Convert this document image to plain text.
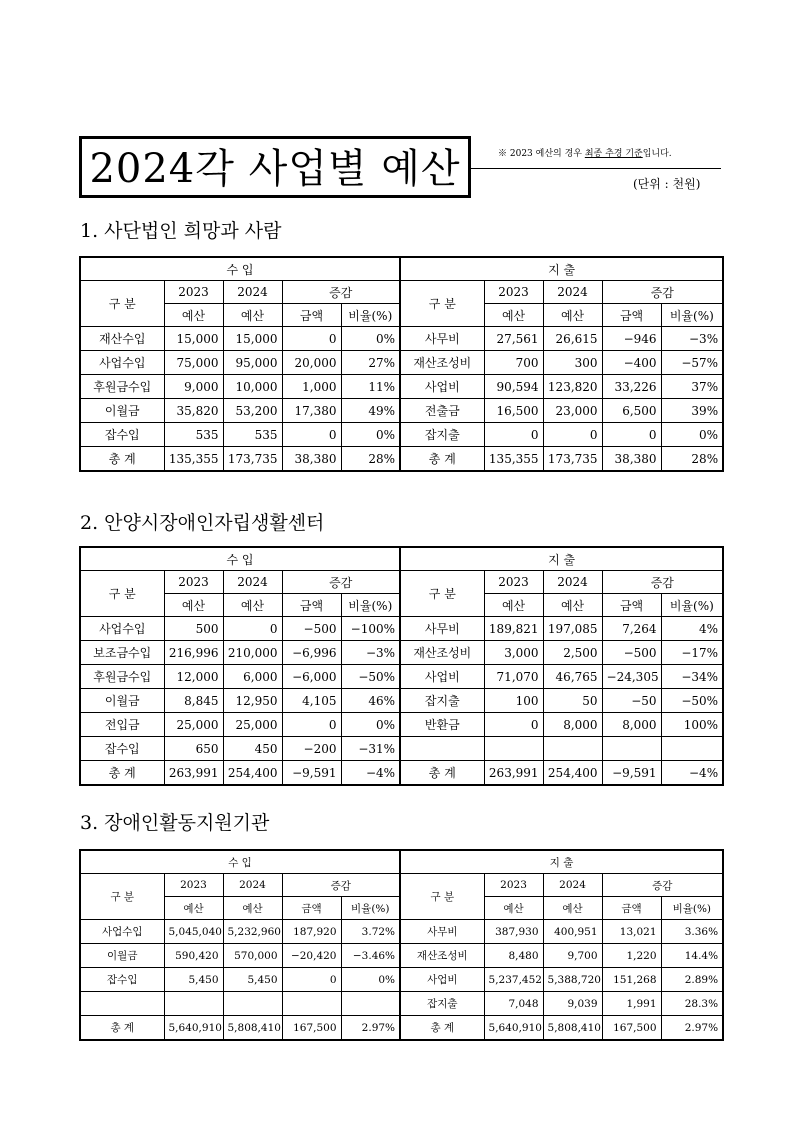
2024각 사업별 예산	※ 2023 예산의 경우 최종 추경 기준입니다.
(단위 : 천원)
1. 사단법인 희망과 사람
수 입					지 출				
구 분	2023	2024	증감		구 분	2023	2024	증감	
	예산	예산	금액	비율(%)		예산	예산	금액	비율(%)
재산수입	15,000	15,000	0	0%	사무비	27,561	26,615	−946	−3%
사업수입	75,000	95,000	20,000	27%	재산조성비	700	300	−400	−57%
후원금수입	9,000	10,000	1,000	11%	사업비	90,594	123,820	33,226	37%
이월금	35,820	53,200	17,380	49%	전출금	16,500	23,000	6,500	39%
잡수입	535	535	0	0%	잡지출	0	0	0	0%
총 계	135,355	173,735	38,380	28%	총 계	135,355	173,735	38,380	28%
2. 안양시장애인자립생활센터
수 입					지 출				
구 분	2023	2024	증감		구 분	2023	2024	증감	
	예산	예산	금액	비율(%)		예산	예산	금액	비율(%)
사업수입	500	0	−500	−100%	사무비	189,821	197,085	7,264	4%
보조금수입	216,996	210,000	−6,996	−3%	재산조성비	3,000	2,500	−500	−17%
후원금수입	12,000	6,000	−6,000	−50%	사업비	71,070	46,765	−24,305	−34%
이월금	8,845	12,950	4,105	46%	잡지출	100	50	−50	−50%
전입금	25,000	25,000	0	0%	반환금	0	8,000	8,000	100%
잡수입	650	450	−200	−31%					
총 계	263,991	254,400	−9,591	−4%	총 계	263,991	254,400	−9,591	−4%
3. 장애인활동지원기관
수 입					지 출				
구 분	2023	2024	증감		구 분	2023	2024	증감	
	예산	예산	금액	비율(%)		예산	예산	금액	비율(%)
사업수입	5,045,040	5,232,960	187,920	3.72%	사무비	387,930	400,951	13,021	3.36%
이월금	590,420	570,000	−20,420	−3.46%	재산조성비	8,480	9,700	1,220	14.4%
잡수입	5,450	5,450	0	0%	사업비	5,237,452	5,388,720	151,268	2.89%
					잡지출	7,048	9,039	1,991	28.3%
총 계	5,640,910	5,808,410	167,500	2.97%	총 계	5,640,910	5,808,410	167,500	2.97%
